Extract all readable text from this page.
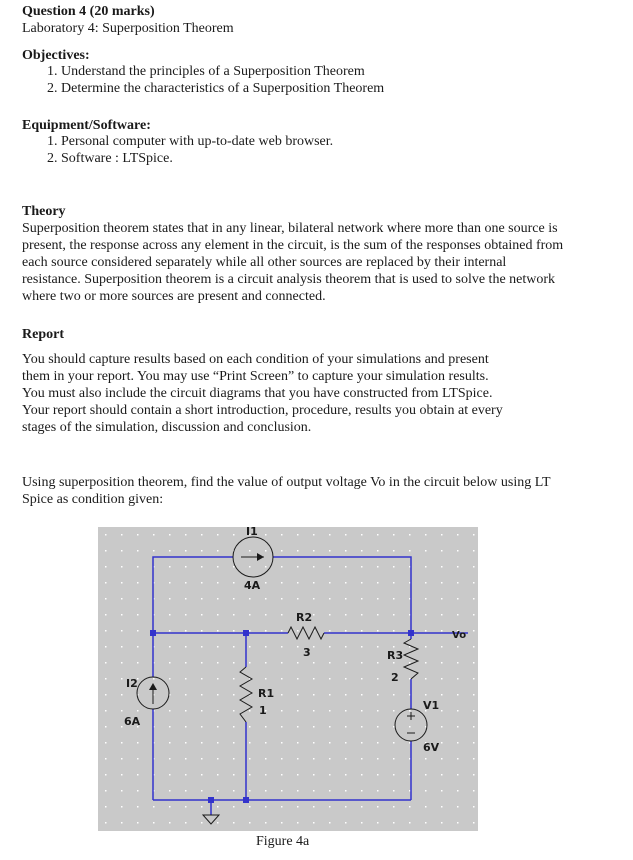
Question 4 (20 marks)
Laboratory 4: Superposition Theorem
Objectives:
1. Understand the principles of a Superposition Theorem
2. Determine the characteristics of a Superposition Theorem
Equipment/Software:
1. Personal computer with up-to-date web browser.
2. Software : LTSpice.
Theory
Superposition theorem states that in any linear, bilateral network where more than one source is
present, the response across any element in the circuit, is the sum of the responses obtained from
each source considered separately while all other sources are replaced by their internal
resistance. Superposition theorem is a circuit analysis theorem that is used to solve the network
where two or more sources are present and connected.
Report
You should capture results based on each condition of your simulations and present
them in your report. You may use “Print Screen” to capture your simulation results.
You must also include the circuit diagrams that you have constructed from LTSpice.
Your report should contain a short introduction, procedure, results you obtain at every
stages of the simulation, discussion and conclusion.
Using superposition theorem, find the value of output voltage Vo in the circuit below using LT
Spice as condition given:
I1
4A
R2
3	R3
2
I2
6A
R1
1	V1
6V
Vo
Figure 4a
